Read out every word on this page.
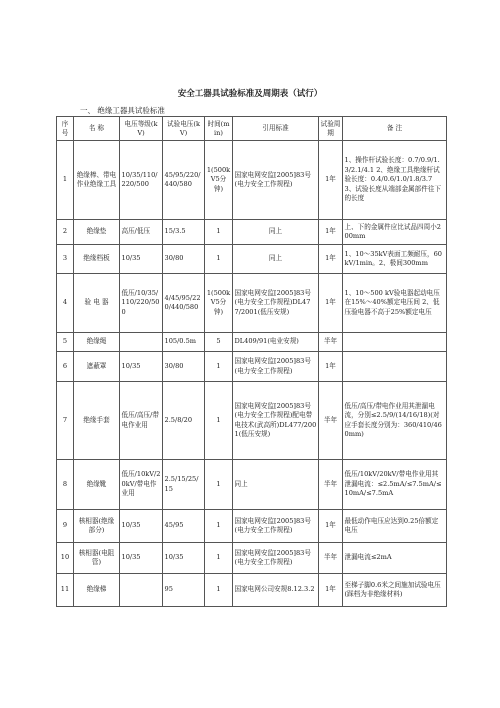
安全工器具试验标准及周期表（试行）
一、 绝缘工器具试验标准
序号	名 称	电压等级(kV)	试验电压(kV)	时间(min)	引用标准	试验周期	备 注
1	绝缘棒、带电作业绝缘工具	10/35/110/220/500	45/95/220/440/580	1(500kV5分钟)	国家电网安监[2005]83号(电力安全工作规程)	1年	1、操作杆试验长度：0.7/0.9/1.3/2.1/4.1 2、绝缘工具绝缘杆试验长度：0.4/0.6/1.0/1.8/3.7 3、试验长度从端部金属部件往下的长度
2	绝缘垫	高压/低压	15/3.5	1	同上	1年	上、下的金属件应比试品四周小200mm
3	绝缘档板	10/35	30/80	1	同上	1年	1、10～35kV表面工频耐压，60kV/1min。2、极间300mm
4	验 电 器	低压/10/35/110/220/500	4/45/95/220/440/580	1(500kV5分钟)	国家电网安监[2005]83号(电力安全工作规程)DL477/2001(低压安规)	1年	1、10～500 kV验电器起动电压在15%～40%额定电压间 2、低压验电器不高于25%额定电压
5	绝缘绳		105/0.5m	5	DL409/91(电业安规)	半年	
6	遮蔽罩	10/35	30/80	1	国家电网安监[2005]83号(电力安全工作规程)	1年	
7	绝缘手套	低压/高压/带电作业用	2.5/8/20	1	国家电网安监[2005]83号(电力安全工作规程)配电带电技术(武高所)DL477/2001(低压安规)	半年	低压/高压/带电作业用其泄漏电流，分别≤2.5/9/(14/16/18)(对应手套长度分别为：360/410/460mm)
8	绝缘靴	低压/10kV/20kV/带电作业用	2.5/15/25/15	1	同上	半年	低压/10kV/20kV/带电作业用其泄漏电流：≤2.5mA/≤7.5mA/≤10mA/≤7.5mA
9	核相器(绝缘部分)	10/35	45/95	1	国家电网安监[2005]83号(电力安全工作规程)	1年	最低动作电压应达到0.25倍额定电压
10	核相器(电阻管)	10/35	10/35	1	国家电网安监[2005]83号(电力安全工作规程)	半年	泄漏电流≤2mA
11	绝缘梯		95	1	国家电网公司安规8.12.3.2	1年	至梯子脚0.6米之间施加试验电压(踩档为非绝缘材料)
